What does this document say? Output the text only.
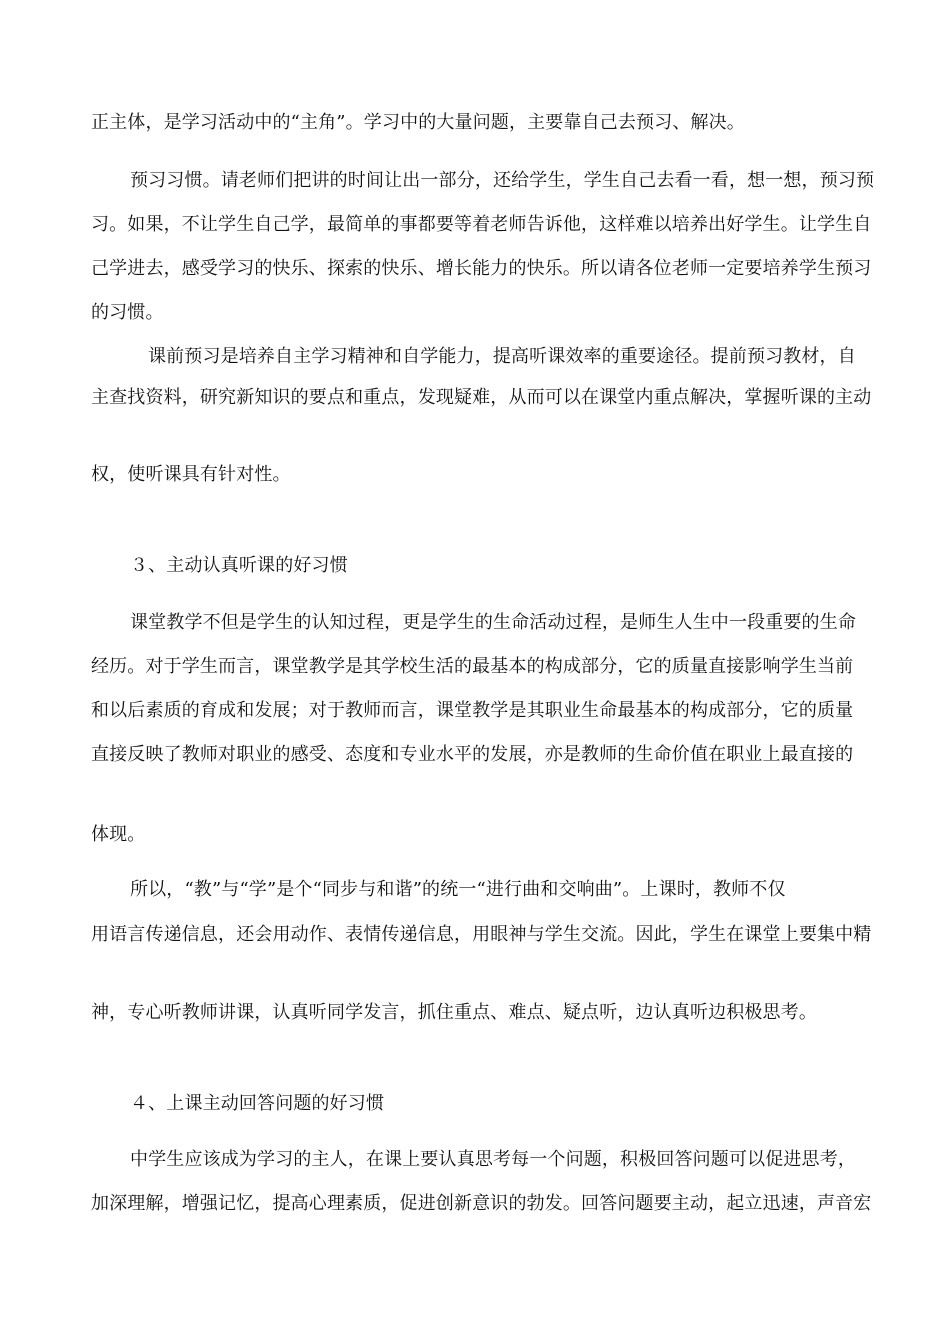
正主体，是学习活动中的“主角”。学习中的大量问题，主要靠自己去预习、解决。
预习习惯。请老师们把讲的时间让出一部分，还给学生，学生自己去看一看，想一想，预习预
习。如果，不让学生自己学，最简单的事都要等着老师告诉他，这样难以培养出好学生。让学生自
己学进去，感受学习的快乐、探索的快乐、增长能力的快乐。所以请各位老师一定要培养学生预习
的习惯。
课前预习是培养自主学习精神和自学能力，提高听课效率的重要途径。提前预习教材，自
主查找资料，研究新知识的要点和重点，发现疑难，从而可以在课堂内重点解决，掌握听课的主动
权，使听课具有针对性。
３、主动认真听课的好习惯
课堂教学不但是学生的认知过程，更是学生的生命活动过程，是师生人生中一段重要的生命
经历。对于学生而言，课堂教学是其学校生活的最基本的构成部分，它的质量直接影响学生当前
和以后素质的育成和发展；对于教师而言，课堂教学是其职业生命最基本的构成部分，它的质量
直接反映了教师对职业的感受、态度和专业水平的发展，亦是教师的生命价值在职业上最直接的
体现。
所以，“教”与“学”是个“同步与和谐”的统一“进行曲和交响曲”。上课时，教师不仅
用语言传递信息，还会用动作、表情传递信息，用眼神与学生交流。因此，学生在课堂上要集中精
神，专心听教师讲课，认真听同学发言，抓住重点、难点、疑点听，边认真听边积极思考。
４、上课主动回答问题的好习惯
中学生应该成为学习的主人，在课上要认真思考每一个问题，积极回答问题可以促进思考，
加深理解，增强记忆，提高心理素质，促进创新意识的勃发。回答问题要主动，起立迅速，声音宏
